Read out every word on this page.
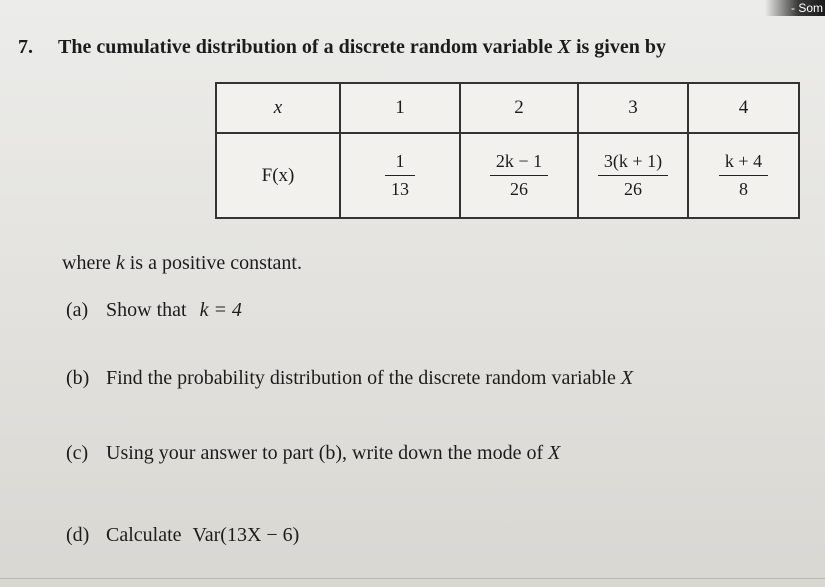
- Som
7. The cumulative distribution of a discrete random variable X is given by
x	1	2	3	4
F(x)	$\frac{1}{13}$	$\frac{2k - 1}{26}$	$\frac{3(k + 1)}{26}$	$\frac{k + 4}{8}$
where k is a positive constant.
(a) Show that k = 4
(b) Find the probability distribution of the discrete random variable X
(c) Using your answer to part (b), write down the mode of X
(d) Calculate Var(13X − 6)
